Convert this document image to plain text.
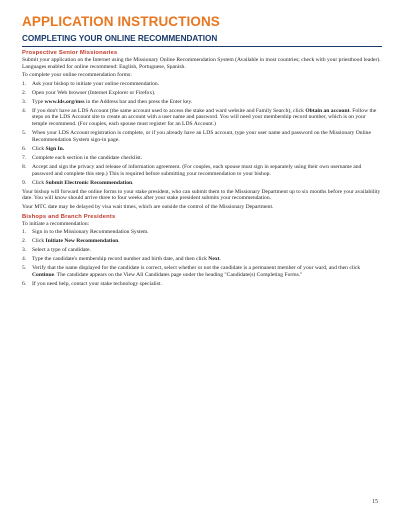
APPLICATION INSTRUCTIONS
COMPLETING YOUR ONLINE RECOMMENDATION
Prospective Senior Missionaries

Submit your application on the Internet using the Missionary Online Recommendation System (Available in most countries; check with your priesthood leader). Languages enabled for online recommend: English, Portuguese, Spanish.

To complete your online recommendation forms:

1. Ask your bishop to initiate your online recommendation.
2. Open your Web browser (Internet Explorer or Firefox).
3. Type www.lds.org/mss in the Address bar and then press the Enter key.
4. If you don't have an LDS Account (the same account used to access the stake and ward website and Family Search), click Obtain an account. Follow the steps on the LDS Account site to create an account with a user name and password. You will need your membership record number, which is on your temple recommend. (For couples, each spouse must register for an LDS Account.)
5. When your LDS Account registration is complete, or if you already have an LDS account, type your user name and password on the Missionary Online Recommendation System sign-in page.
6. Click Sign In.
7. Complete each section in the candidate checklist.
8. Accept and sign the privacy and release of information agreement. (For couples, each spouse must sign in separately using their own username and password and complete this step.) This is required before submitting your recommendation to your bishop.
9. Click Submit Electronic Recommendation.

Your bishop will forward the online forms to your stake president, who can submit them to the Missionary Department up to six months before your availability date. You will know should arrive three to four weeks after your stake president submits your recommendation.

Your MTC date may be delayed by visa wait times, which are outside the control of the Missionary Department.

Bishops and Branch Presidents

To initiate a recommendation:

1. Sign in to the Missionary Recommendation System.
2. Click Initiate New Recommendation.
3. Select a type of candidate.
4. Type the candidate's membership record number and birth date, and then click Next.
5. Verify that the name displayed for the candidate is correct, select whether or not the candidate is a permanent member of your ward, and then click Continue. The candidate appears on the View All Candidates page under the heading "Candidate(s) Completing Forms."
6. If you need help, contact your stake technology specialist.
15
